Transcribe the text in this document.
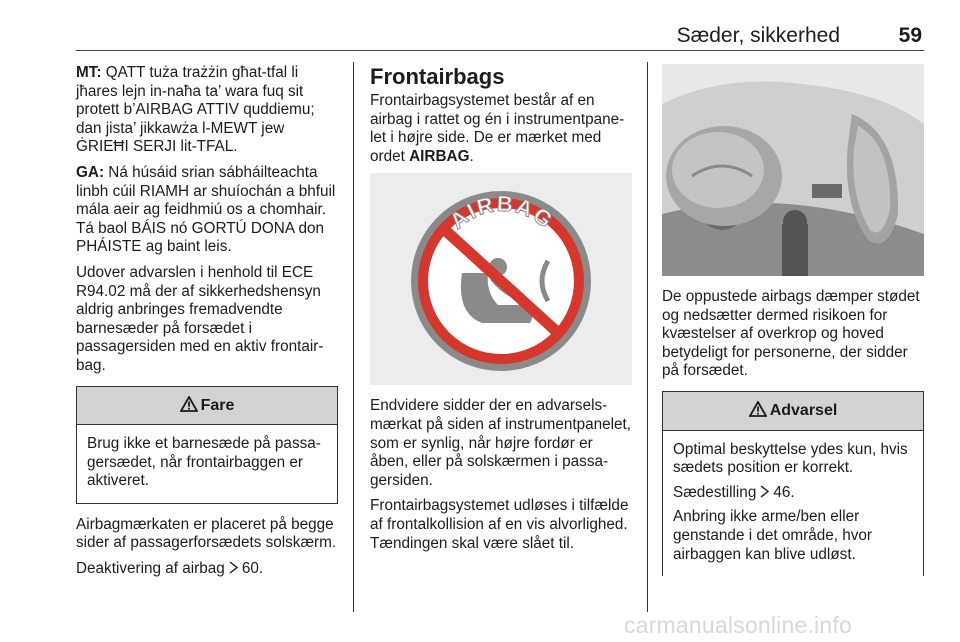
Sæder, sikkerhed	59

MT: QATT tuża trażżin għat-tfal li jħares lejn in-naħa ta’ wara fuq sit protett b’AIRBAG ATTIV quddiemu; dan jista’ jikkawża l-MEWT jew ĠRIEĦI SERJI lit-TFAL.

GA: Ná húsáid srian sábháilteachta linbh cúil RIAMH ar shuíochán a bhfuil mála aeir ag feidhmiú os a chomhair. Tá baol BÁIS nó GORTÚ DONA don PHÁISTE ag baint leis.

Udover advarslen i henhold til ECE R94.02 må der af sikkerhedshensyn aldrig anbringes fremadvendte barnesæder på forsædet i passagersiden med en aktiv frontairbag.

Fare

Brug ikke et barnesæde på passagersædet, når frontairbaggen er aktiveret.

Airbagmærkaten er placeret på begge sider af passagerforsædets solskærm.

Deaktivering af airbag 60.

Frontairbags

Frontairbagsystemet består af en airbag i rattet og én i instrumentpanelet i højre side. De er mærket med ordet AIRBAG.

AIRBAG

Endvidere sidder der en advarselsmærkat på siden af instrumentpanelet, som er synlig, når højre fordør er åben, eller på solskærmen i passagersiden.

Frontairbagsystemet udløses i tilfælde af frontalkollision af en vis alvorlighed. Tændingen skal være slået til.

De oppustede airbags dæmper stødet og nedsætter dermed risikoen for kvæstelser af overkrop og hoved betydeligt for personerne, der sidder på forsædet.

Advarsel

Optimal beskyttelse ydes kun, hvis sædets position er korrekt.

Sædestilling 46.

Anbring ikke arme/ben eller genstande i det område, hvor airbaggen kan blive udløst.

carmanualsonline.info
